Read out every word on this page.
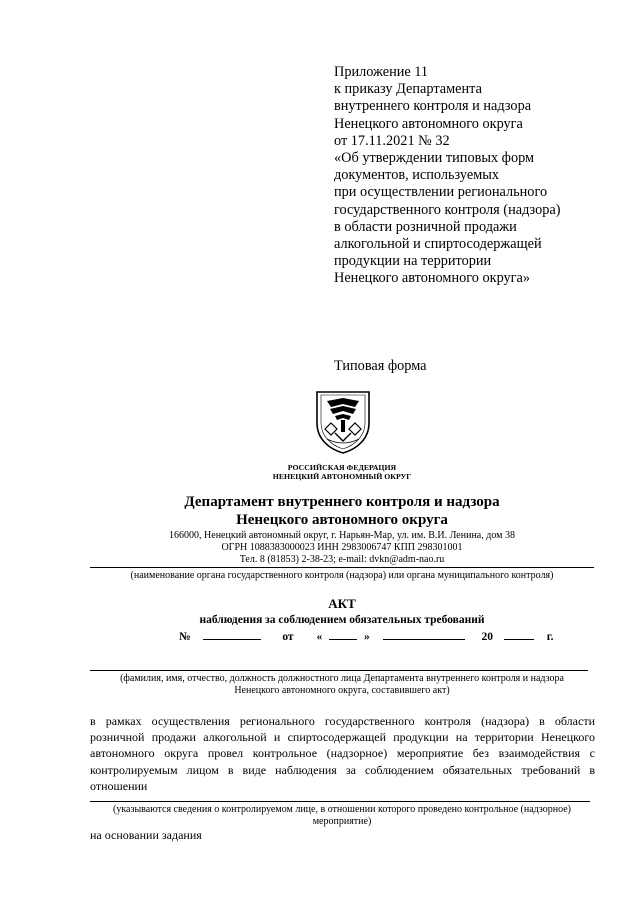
Приложение 11
к приказу Департамента
внутреннего контроля и надзора
Ненецкого автономного округа
от 17.11.2021 № 32
«Об утверждении типовых форм
документов, используемых
при осуществлении регионального
государственного контроля (надзора)
в области розничной продажи
алкогольной и спиртосодержащей
продукции на территории
Ненецкого автономного округа»
Типовая форма
РОССИЙСКАЯ ФЕДЕРАЦИЯ
НЕНЕЦКИЙ АВТОНОМНЫЙ ОКРУГ
Департамент внутреннего контроля и надзора
Ненецкого автономного округа
166000, Ненецкий автономный округ, г. Нарьян-Мар, ул. им. В.И. Ленина, дом 38
ОГРН 1088383000023 ИНН 2983006747 КПП 298301001
Тел. 8 (81853) 2-38-23; e-mail: dvkn@adm-nao.ru
(наименование органа государственного контроля (надзора) или органа муниципального контроля)
АКТ
наблюдения за соблюдением обязательных требований
№	от «	»	20	г.
(фамилия, имя, отчество, должность должностного лица Департамента внутреннего контроля и надзора
Ненецкого автономного округа, составившего акт)
в рамках осуществления регионального государственного контроля (надзора) в области розничной продажи алкогольной и спиртосодержащей продукции на территории Ненецкого автономного округа провел контрольное (надзорное) мероприятие без взаимодействия с контролируемым лицом в виде наблюдения за соблюдением обязательных требований в отношении
(указываются сведения о контролируемом лице, в отношении которого проведено контрольное (надзорное)
мероприятие)
на основании задания
